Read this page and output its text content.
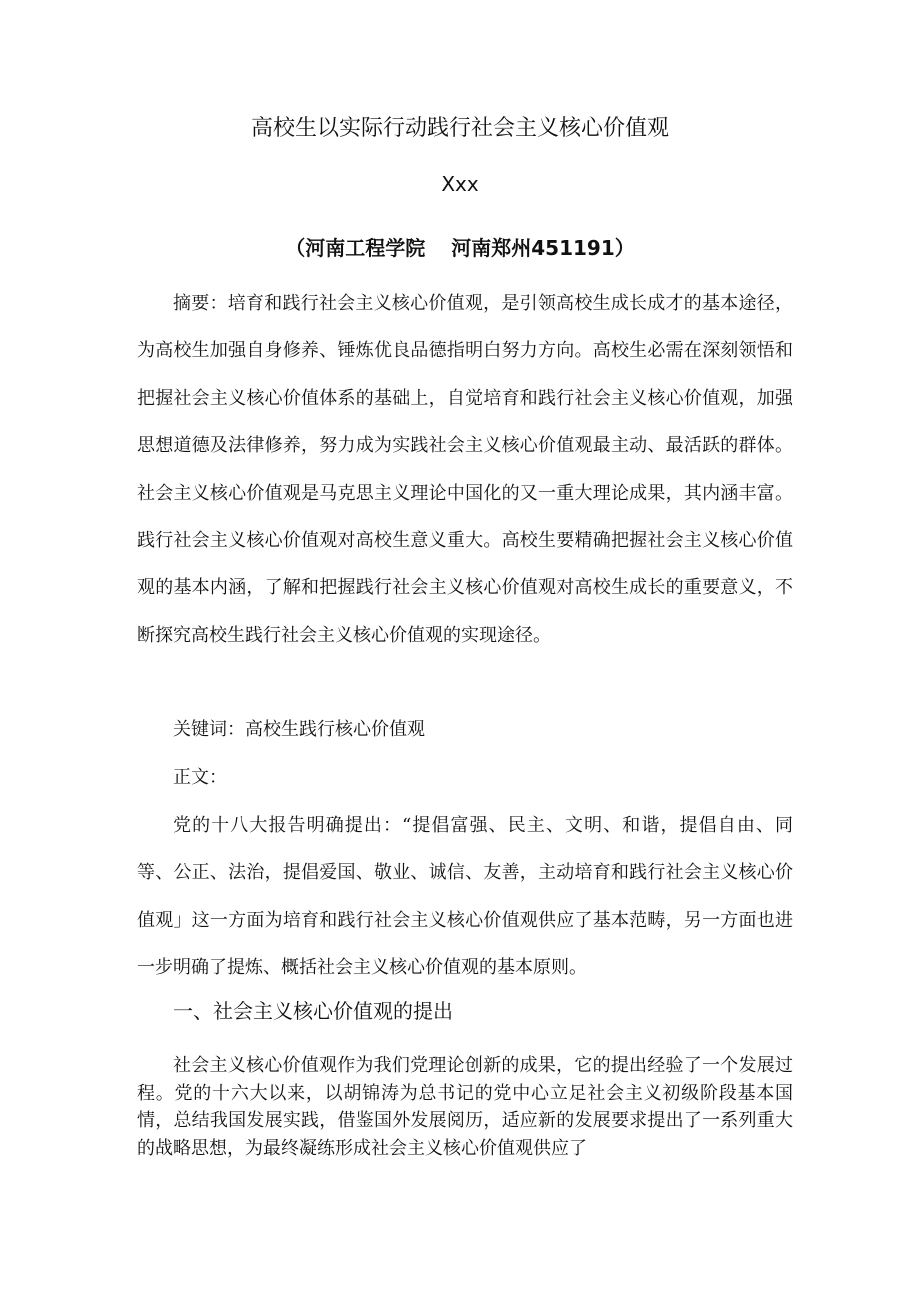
高校生以实际行动践行社会主义核心价值观
Xxx
（河南工程学院 河南郑州451191）

摘要：培育和践行社会主义核心价值观，是引领高校生成长成才的基本途径，为高校生加强自身修养、锤炼优良品德指明白努力方向。高校生必需在深刻领悟和把握社会主义核心价值体系的基础上，自觉培育和践行社会主义核心价值观，加强思想道德及法律修养，努力成为实践社会主义核心价值观最主动、最活跃的群体。社会主义核心价值观是马克思主义理论中国化的又一重大理论成果，其内涵丰富。践行社会主义核心价值观对高校生意义重大。高校生要精确把握社会主义核心价值观的基本内涵，了解和把握践行社会主义核心价值观对高校生成长的重要意义，不断探究高校生践行社会主义核心价值观的实现途径。

关键词：高校生践行核心价值观

正文：

党的十八大报告明确提出：“提倡富强、民主、文明、和谐，提倡自由、同等、公正、法治，提倡爱国、敬业、诚信、友善，主动培育和践行社会主义核心价值观」这一方面为培育和践行社会主义核心价值观供应了基本范畴，另一方面也进一步明确了提炼、概括社会主义核心价值观的基本原则。

一、社会主义核心价值观的提出

社会主义核心价值观作为我们党理论创新的成果，它的提出经验了一个发展过程。党的十六大以来，以胡锦涛为总书记的党中心立足社会主义初级阶段基本国情，总结我国发展实践，借鉴国外发展阅历，适应新的发展要求提出了一系列重大的战略思想，为最终凝练形成社会主义核心价值观供应了
